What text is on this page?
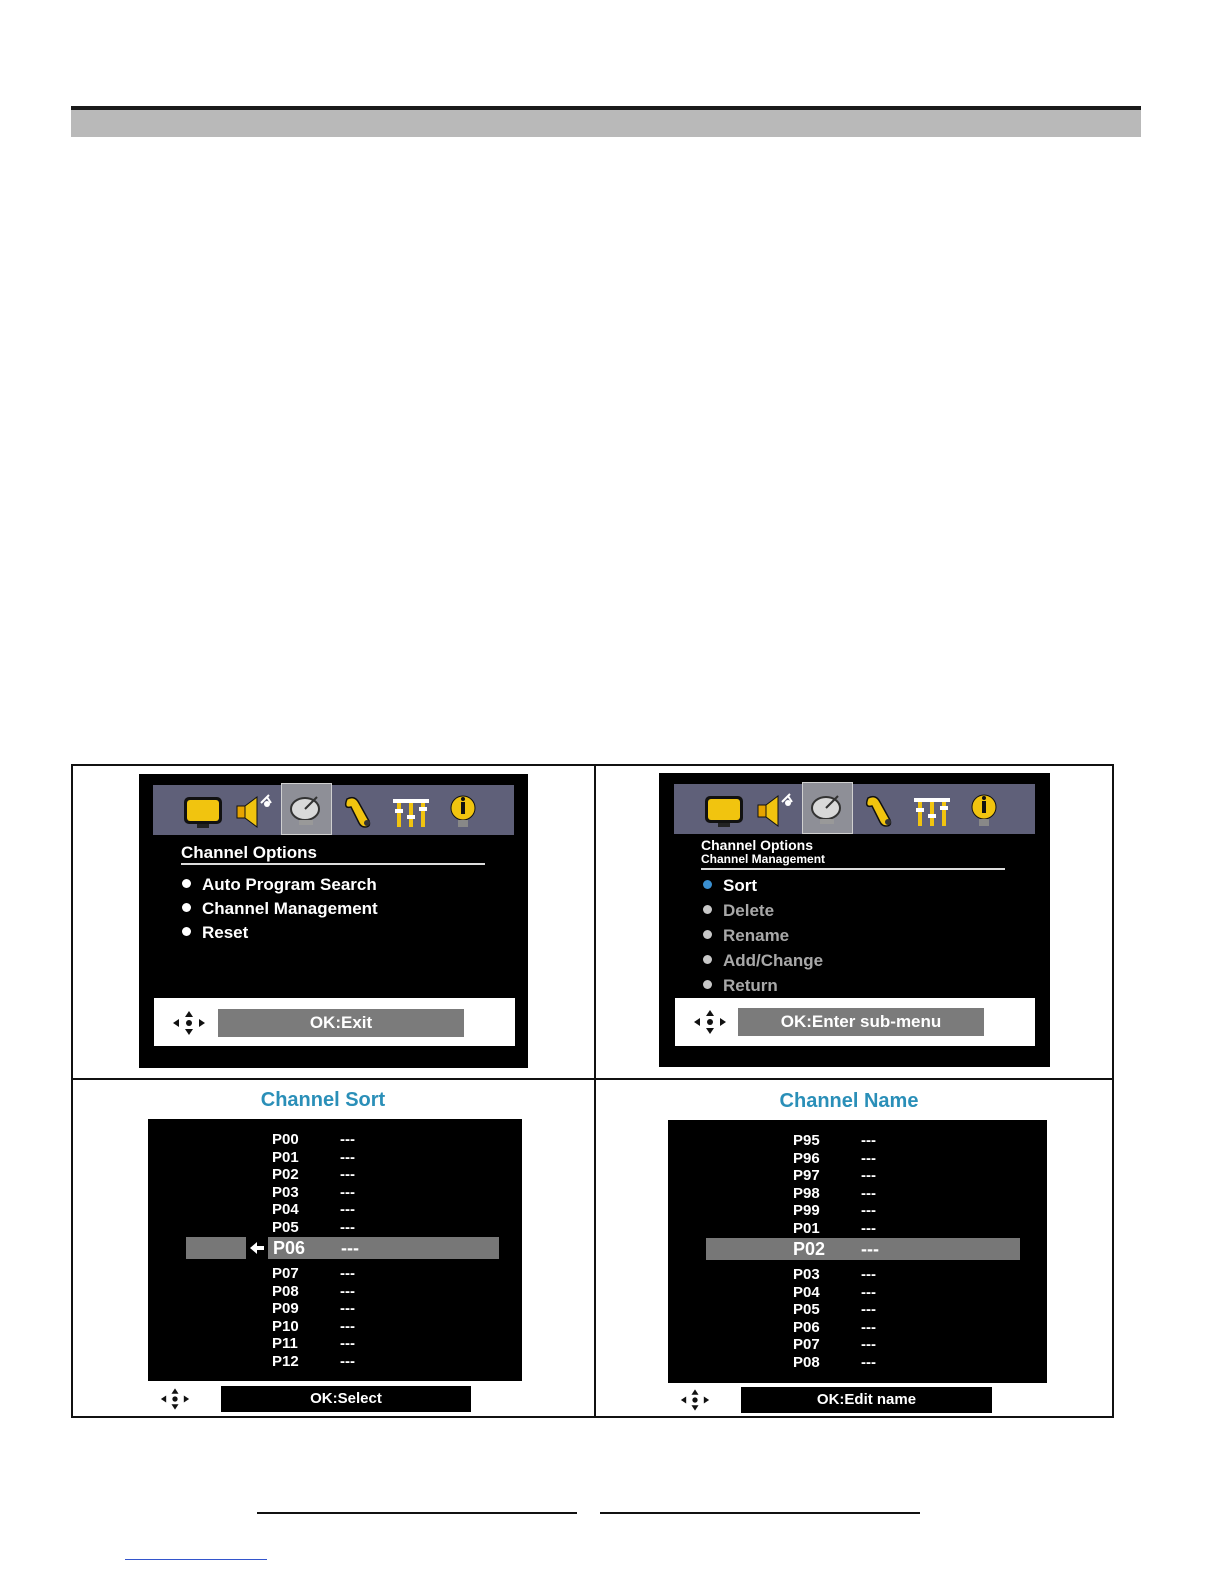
Channel Options
Auto Program Search
Channel Management
Reset
OK:Exit
Channel Options
Channel Management
Sort
Delete
Rename
Add/Change
Return
OK:Enter sub-menu
Channel Sort
P00	---
P01	---
P02	---
P03	---
P04	---
P05	---
P06 ---
P07	---
P08	---
P09	---
P10	---
P11	---
P12	---
OK:Select
Channel Name
P95	---
P96	---
P97	---
P98	---
P99	---
P01	---
P02 ---
P03	---
P04	---
P05	---
P06	---
P07	---
P08	---
OK:Edit name
